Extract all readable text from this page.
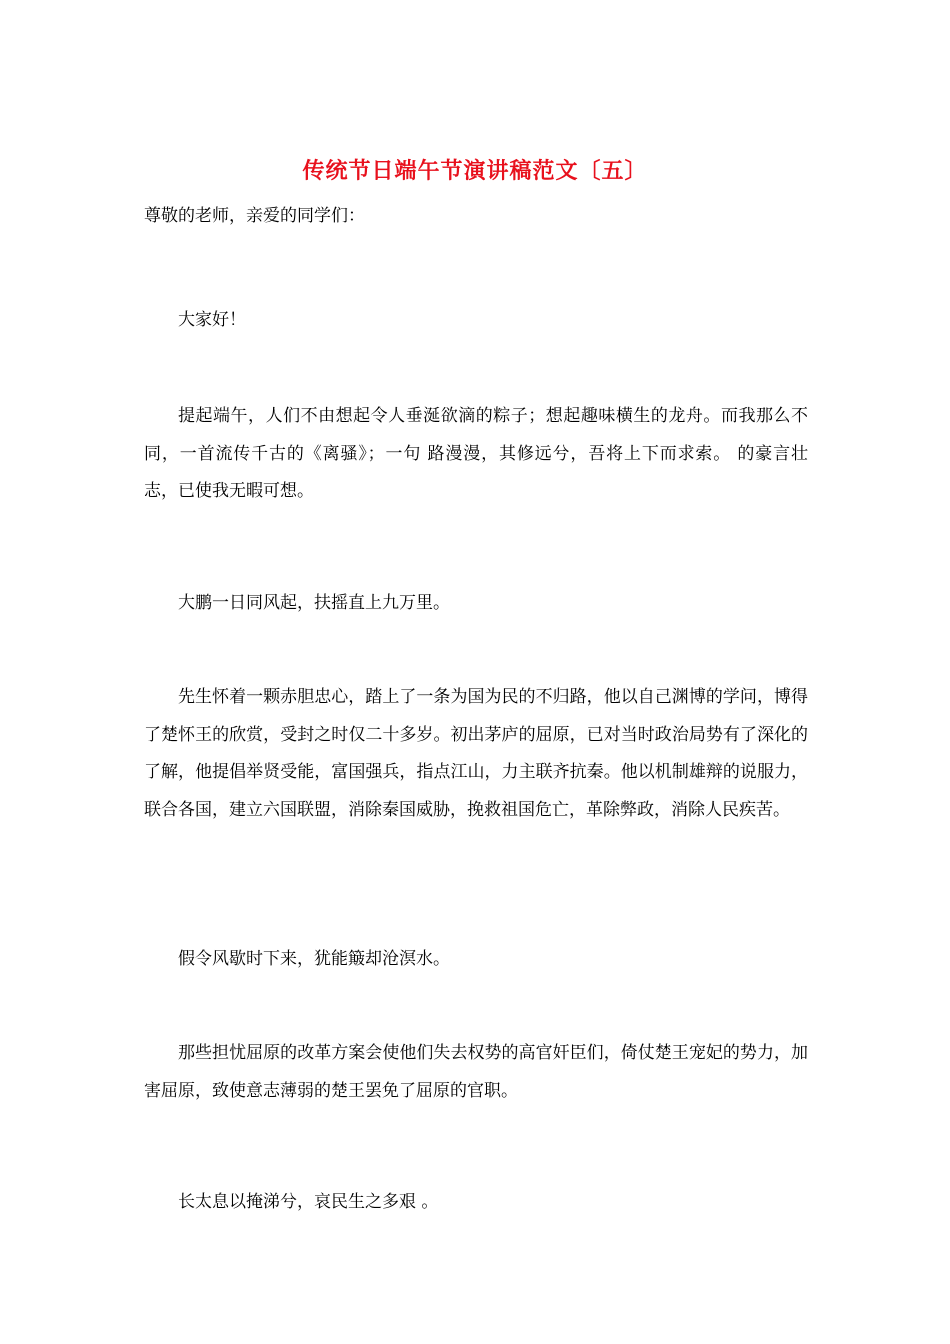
传统节日端午节演讲稿范文〔五〕

尊敬的老师，亲爱的同学们：

大家好！

提起端午，人们不由想起令人垂涎欲滴的粽子；想起趣味横生的龙舟。而我那么不同，一首流传千古的《离骚》；一句 路漫漫，其修远兮，吾将上下而求索。 的豪言壮志，已使我无暇可想。

大鹏一日同风起，扶摇直上九万里。

先生怀着一颗赤胆忠心，踏上了一条为国为民的不归路，他以自己渊博的学问，博得了楚怀王的欣赏，受封之时仅二十多岁。初出茅庐的屈原，已对当时政治局势有了深化的了解，他提倡举贤受能，富国强兵，指点江山，力主联齐抗秦。他以机制雄辩的说服力，联合各国，建立六国联盟，消除秦国威胁，挽救祖国危亡，革除弊政，消除人民疾苦。

假令风歇时下来，犹能簸却沧溟水。

那些担忧屈原的改革方案会使他们失去权势的高官奸臣们，倚仗楚王宠妃的势力，加害屈原，致使意志薄弱的楚王罢免了屈原的官职。

长太息以掩涕兮，哀民生之多艰 。
